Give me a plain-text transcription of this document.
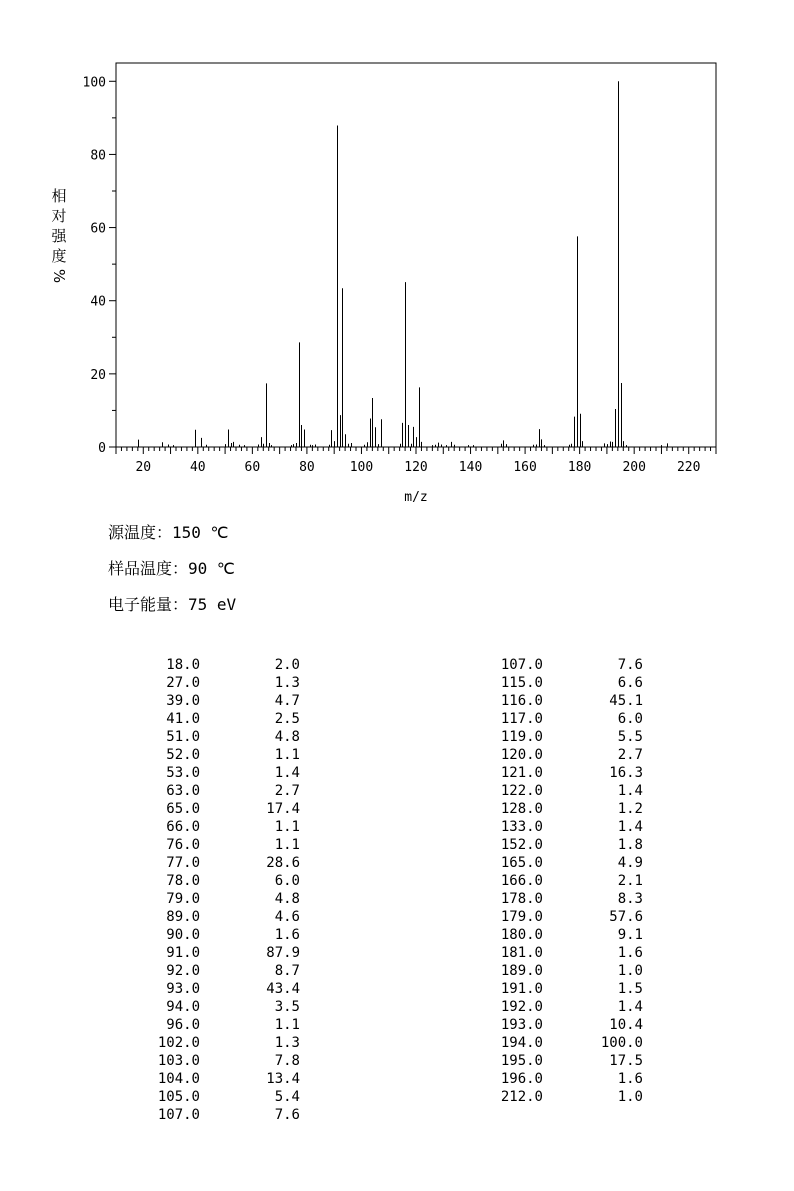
20	40	60	80	100 120 140 160 180 200 220
0
20
40
60
80
100
m/z
相
对
强
度
%
源温度：150 ℃
样品温度：90 ℃
电子能量：75 eV
18.0	2.0
27.0	1.3
39.0	4.7
41.0	2.5
51.0	4.8
52.0	1.1
53.0	1.4
63.0	2.7
65.0	17.4
66.0	1.1
76.0	1.1
77.0	28.6
78.0	6.0
79.0	4.8
89.0	4.6
90.0	1.6
91.0	87.9
92.0	8.7
93.0	43.4
94.0	3.5
96.0	1.1
102.0	1.3
103.0	7.8
104.0	13.4
105.0	5.4
107.0	7.6
107.0	7.6
115.0	6.6
116.0	45.1
117.0	6.0
119.0	5.5
120.0	2.7
121.0	16.3
122.0	1.4
128.0	1.2
133.0	1.4
152.0	1.8
165.0	4.9
166.0	2.1
178.0	8.3
179.0	57.6
180.0	9.1
181.0	1.6
189.0	1.0
191.0	1.5
192.0	1.4
193.0	10.4
194.0	100.0
195.0	17.5
196.0	1.6
212.0	1.0
